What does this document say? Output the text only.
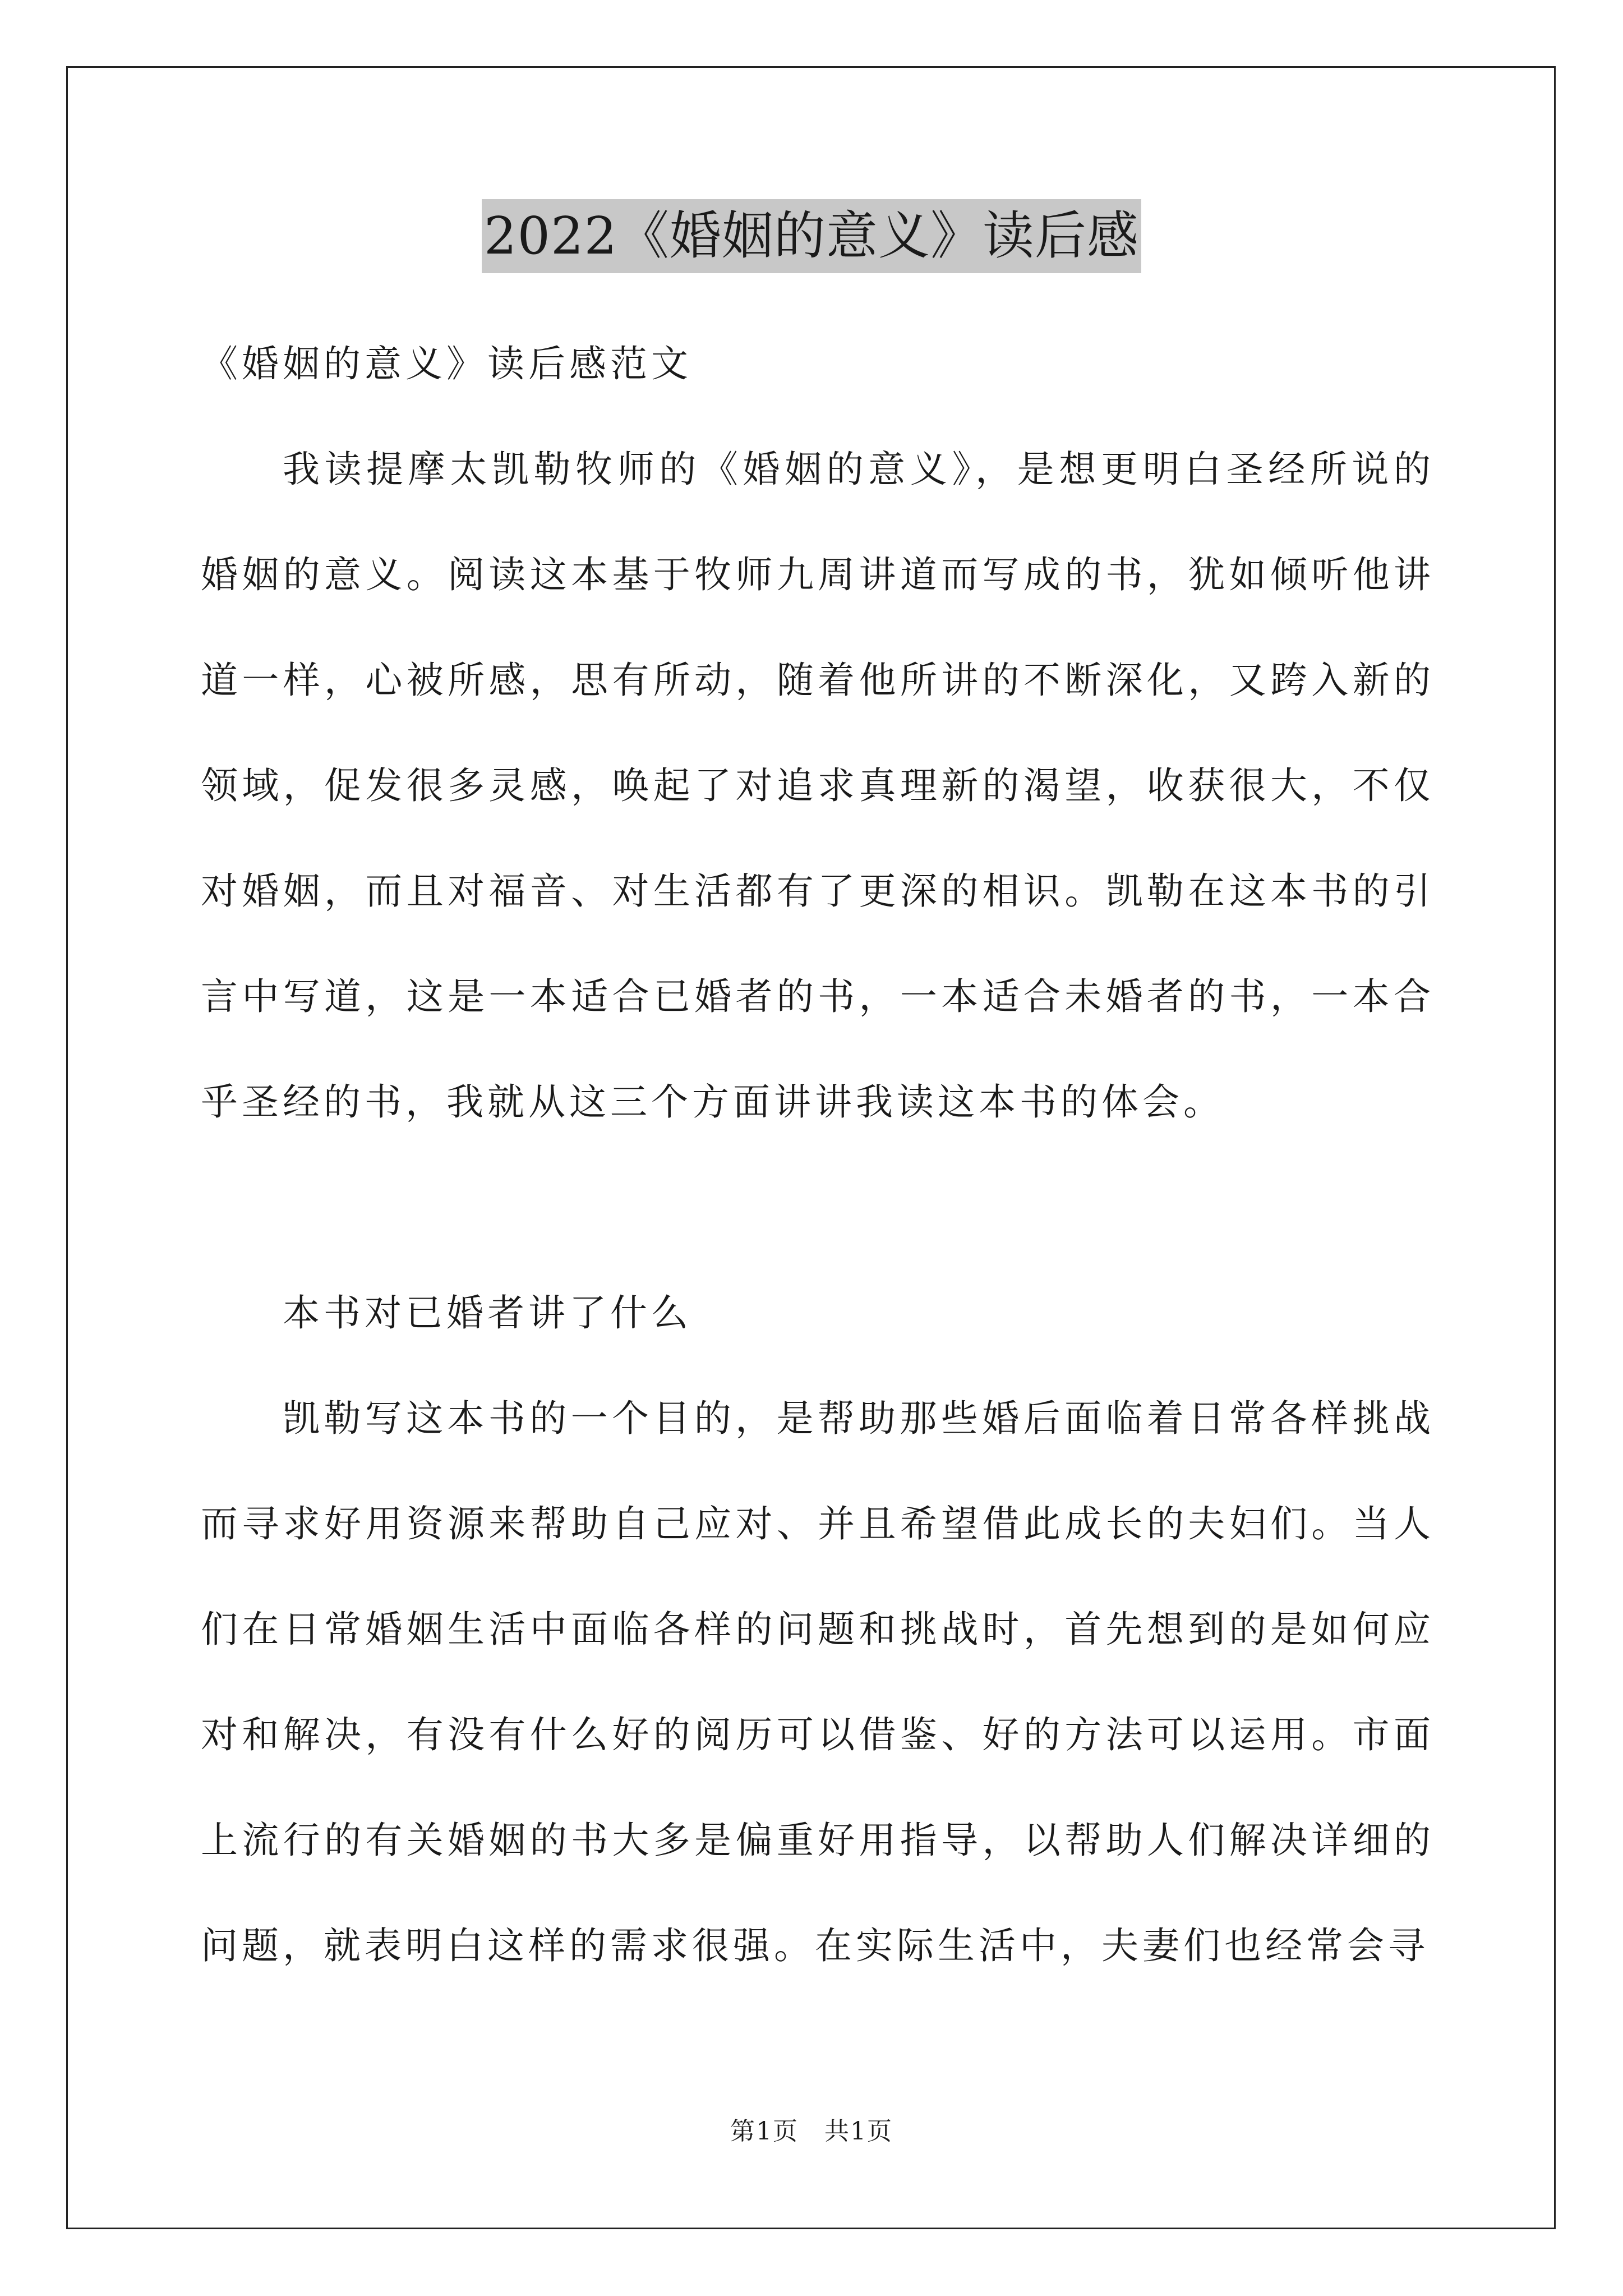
2022《婚姻的意义》读后感

《婚姻的意义》读后感范文

我读提摩太凯勒牧师的《婚姻的意义》，是想更明白圣经所说的婚姻的意义。阅读这本基于牧师九周讲道而写成的书，犹如倾听他讲道一样，心被所感，思有所动，随着他所讲的不断深化，又跨入新的领域，促发很多灵感，唤起了对追求真理新的渴望，收获很大，不仅对婚姻，而且对福音、对生活都有了更深的相识。凯勒在这本书的引言中写道，这是一本适合已婚者的书，一本适合未婚者的书，一本合乎圣经的书，我就从这三个方面讲讲我读这本书的体会。

本书对已婚者讲了什么

凯勒写这本书的一个目的，是帮助那些婚后面临着日常各样挑战而寻求好用资源来帮助自己应对、并且希望借此成长的夫妇们。当人们在日常婚姻生活中面临各样的问题和挑战时，首先想到的是如何应对和解决，有没有什么好的阅历可以借鉴、好的方法可以运用。市面上流行的有关婚姻的书大多是偏重好用指导，以帮助人们解决详细的问题，就表明白这样的需求很强。在实际生活中，夫妻们也经常会寻

第1页 共1页
